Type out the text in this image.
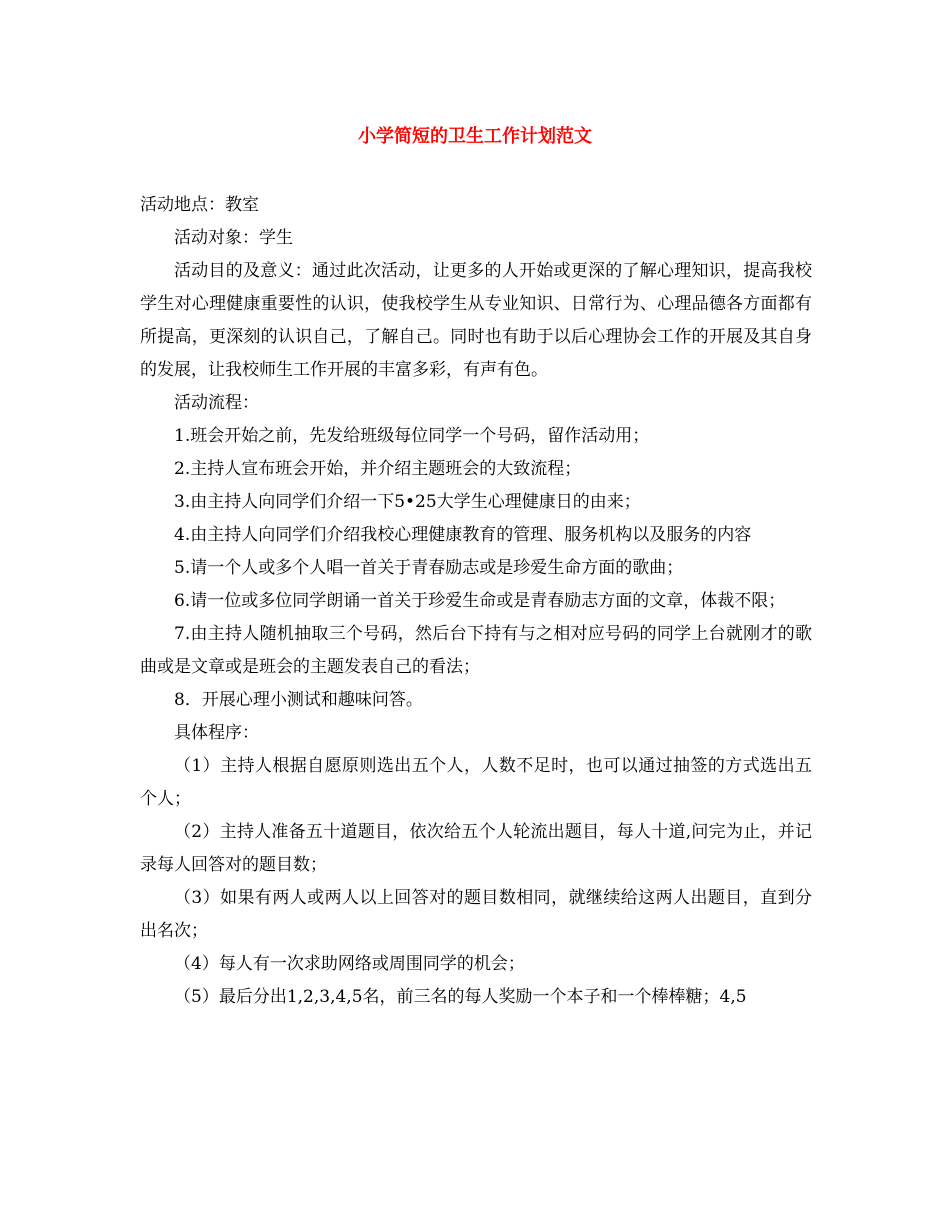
小学简短的卫生工作计划范文

活动地点：教室

活动对象：学生

活动目的及意义：通过此次活动，让更多的人开始或更深的了解心理知识，提高我校学生对心理健康重要性的认识，使我校学生从专业知识、日常行为、心理品德各方面都有所提高，更深刻的认识自己，了解自己。同时也有助于以后心理协会工作的开展及其自身的发展，让我校师生工作开展的丰富多彩，有声有色。

活动流程：

1.班会开始之前，先发给班级每位同学一个号码，留作活动用；

2.主持人宣布班会开始，并介绍主题班会的大致流程；

3.由主持人向同学们介绍一下5•25大学生心理健康日的由来；

4.由主持人向同学们介绍我校心理健康教育的管理、服务机构以及服务的内容

5.请一个人或多个人唱一首关于青春励志或是珍爱生命方面的歌曲；

6.请一位或多位同学朗诵一首关于珍爱生命或是青春励志方面的文章，体裁不限；

7.由主持人随机抽取三个号码，然后台下持有与之相对应号码的同学上台就刚才的歌曲或是文章或是班会的主题发表自己的看法；

8．开展心理小测试和趣味问答。

具体程序：

（1）主持人根据自愿原则选出五个人，人数不足时，也可以通过抽签的方式选出五个人；

（2）主持人准备五十道题目，依次给五个人轮流出题目，每人十道,问完为止，并记录每人回答对的题目数；

（3）如果有两人或两人以上回答对的题目数相同，就继续给这两人出题目，直到分出名次；

（4）每人有一次求助网络或周围同学的机会；

（5）最后分出1,2,3,4,5名，前三名的每人奖励一个本子和一个棒棒糖；4,5
